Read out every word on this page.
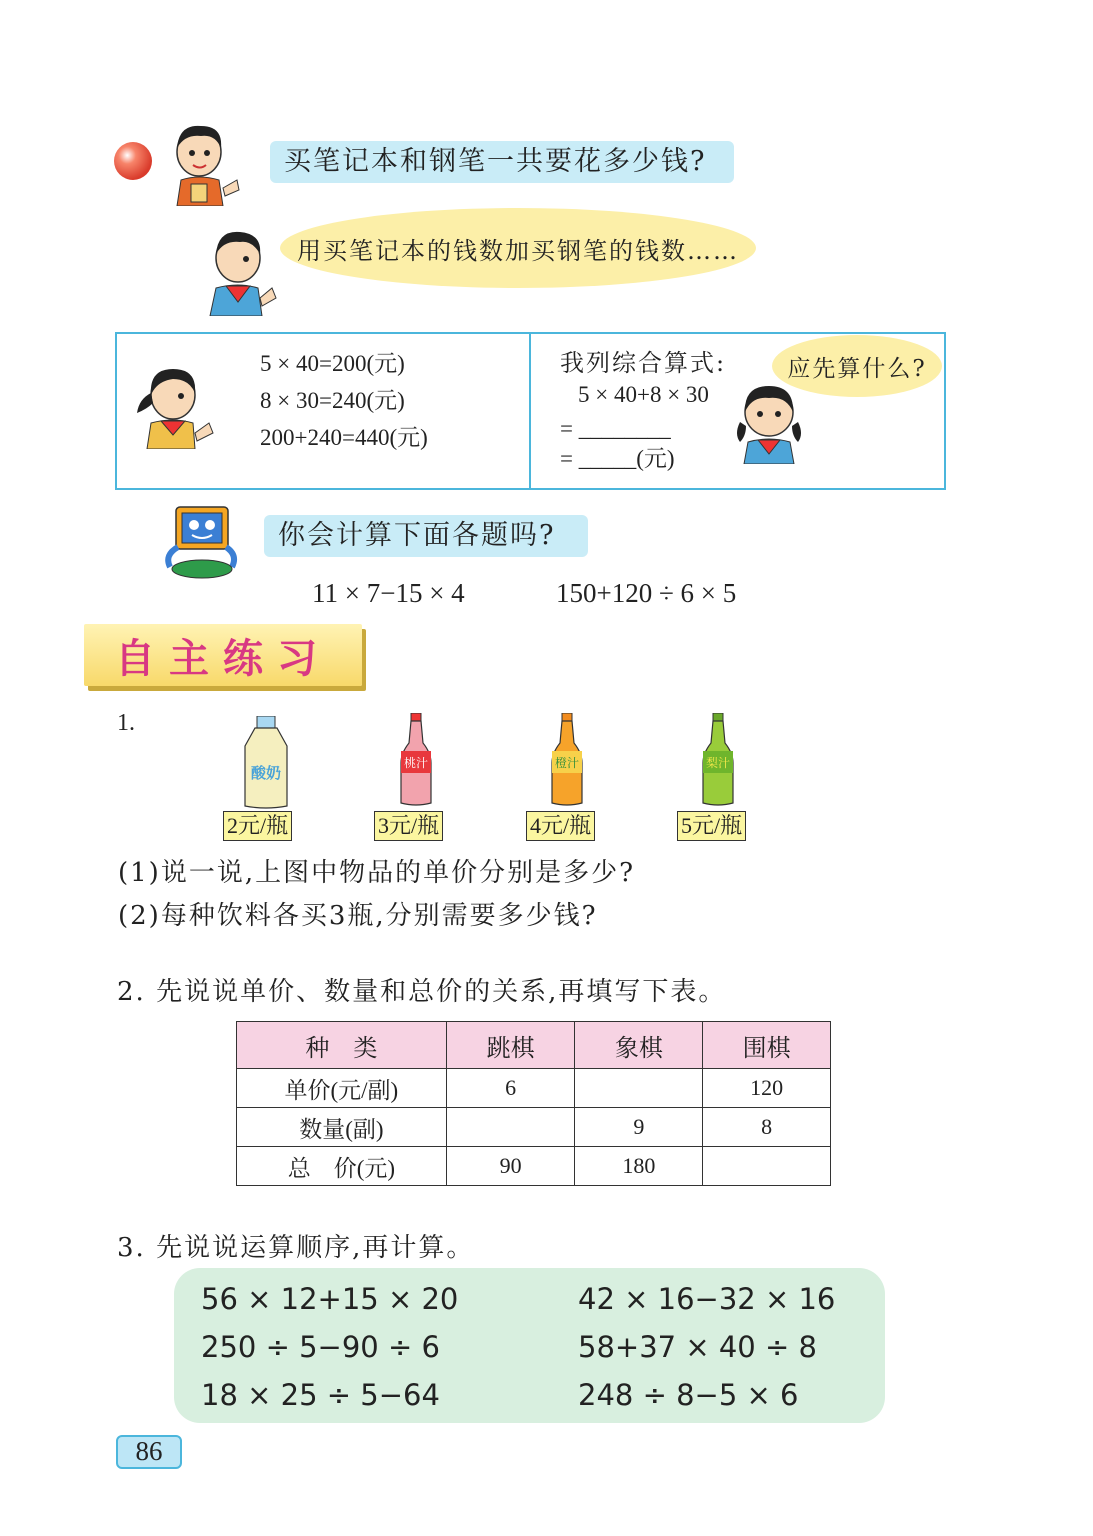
买笔记本和钢笔一共要花多少钱?
用买笔记本的钱数加买钢笔的钱数……
5 × 40=200(元)
8 × 30=240(元)
200+240=440(元)
我列综合算式:
5 × 40+8 × 30
= ________
= _____(元)
应先算什么?
你会计算下面各题吗?
11 × 7−15 × 4	150+120 ÷ 6 × 5
自主练习
1.
酸奶
桃汁	橙汁	梨汁
2元/瓶	3元/瓶	4元/瓶	5元/瓶
(1)说一说,上图中物品的单价分别是多少?
(2)每种饮料各买3瓶,分别需要多少钱?
2. 先说说单价、数量和总价的关系,再填写下表。
种    类	跳棋	象棋	围棋
单价(元/副)	6		120
数量(副)		9	8
总    价(元)	90	180	
3. 先说说运算顺序,再计算。
56 × 12+15 × 20	42 × 16−32 × 16
250 ÷ 5−90 ÷ 6	58+37 × 40 ÷ 8
18 × 25 ÷ 5−64	248 ÷ 8−5 × 6
86
